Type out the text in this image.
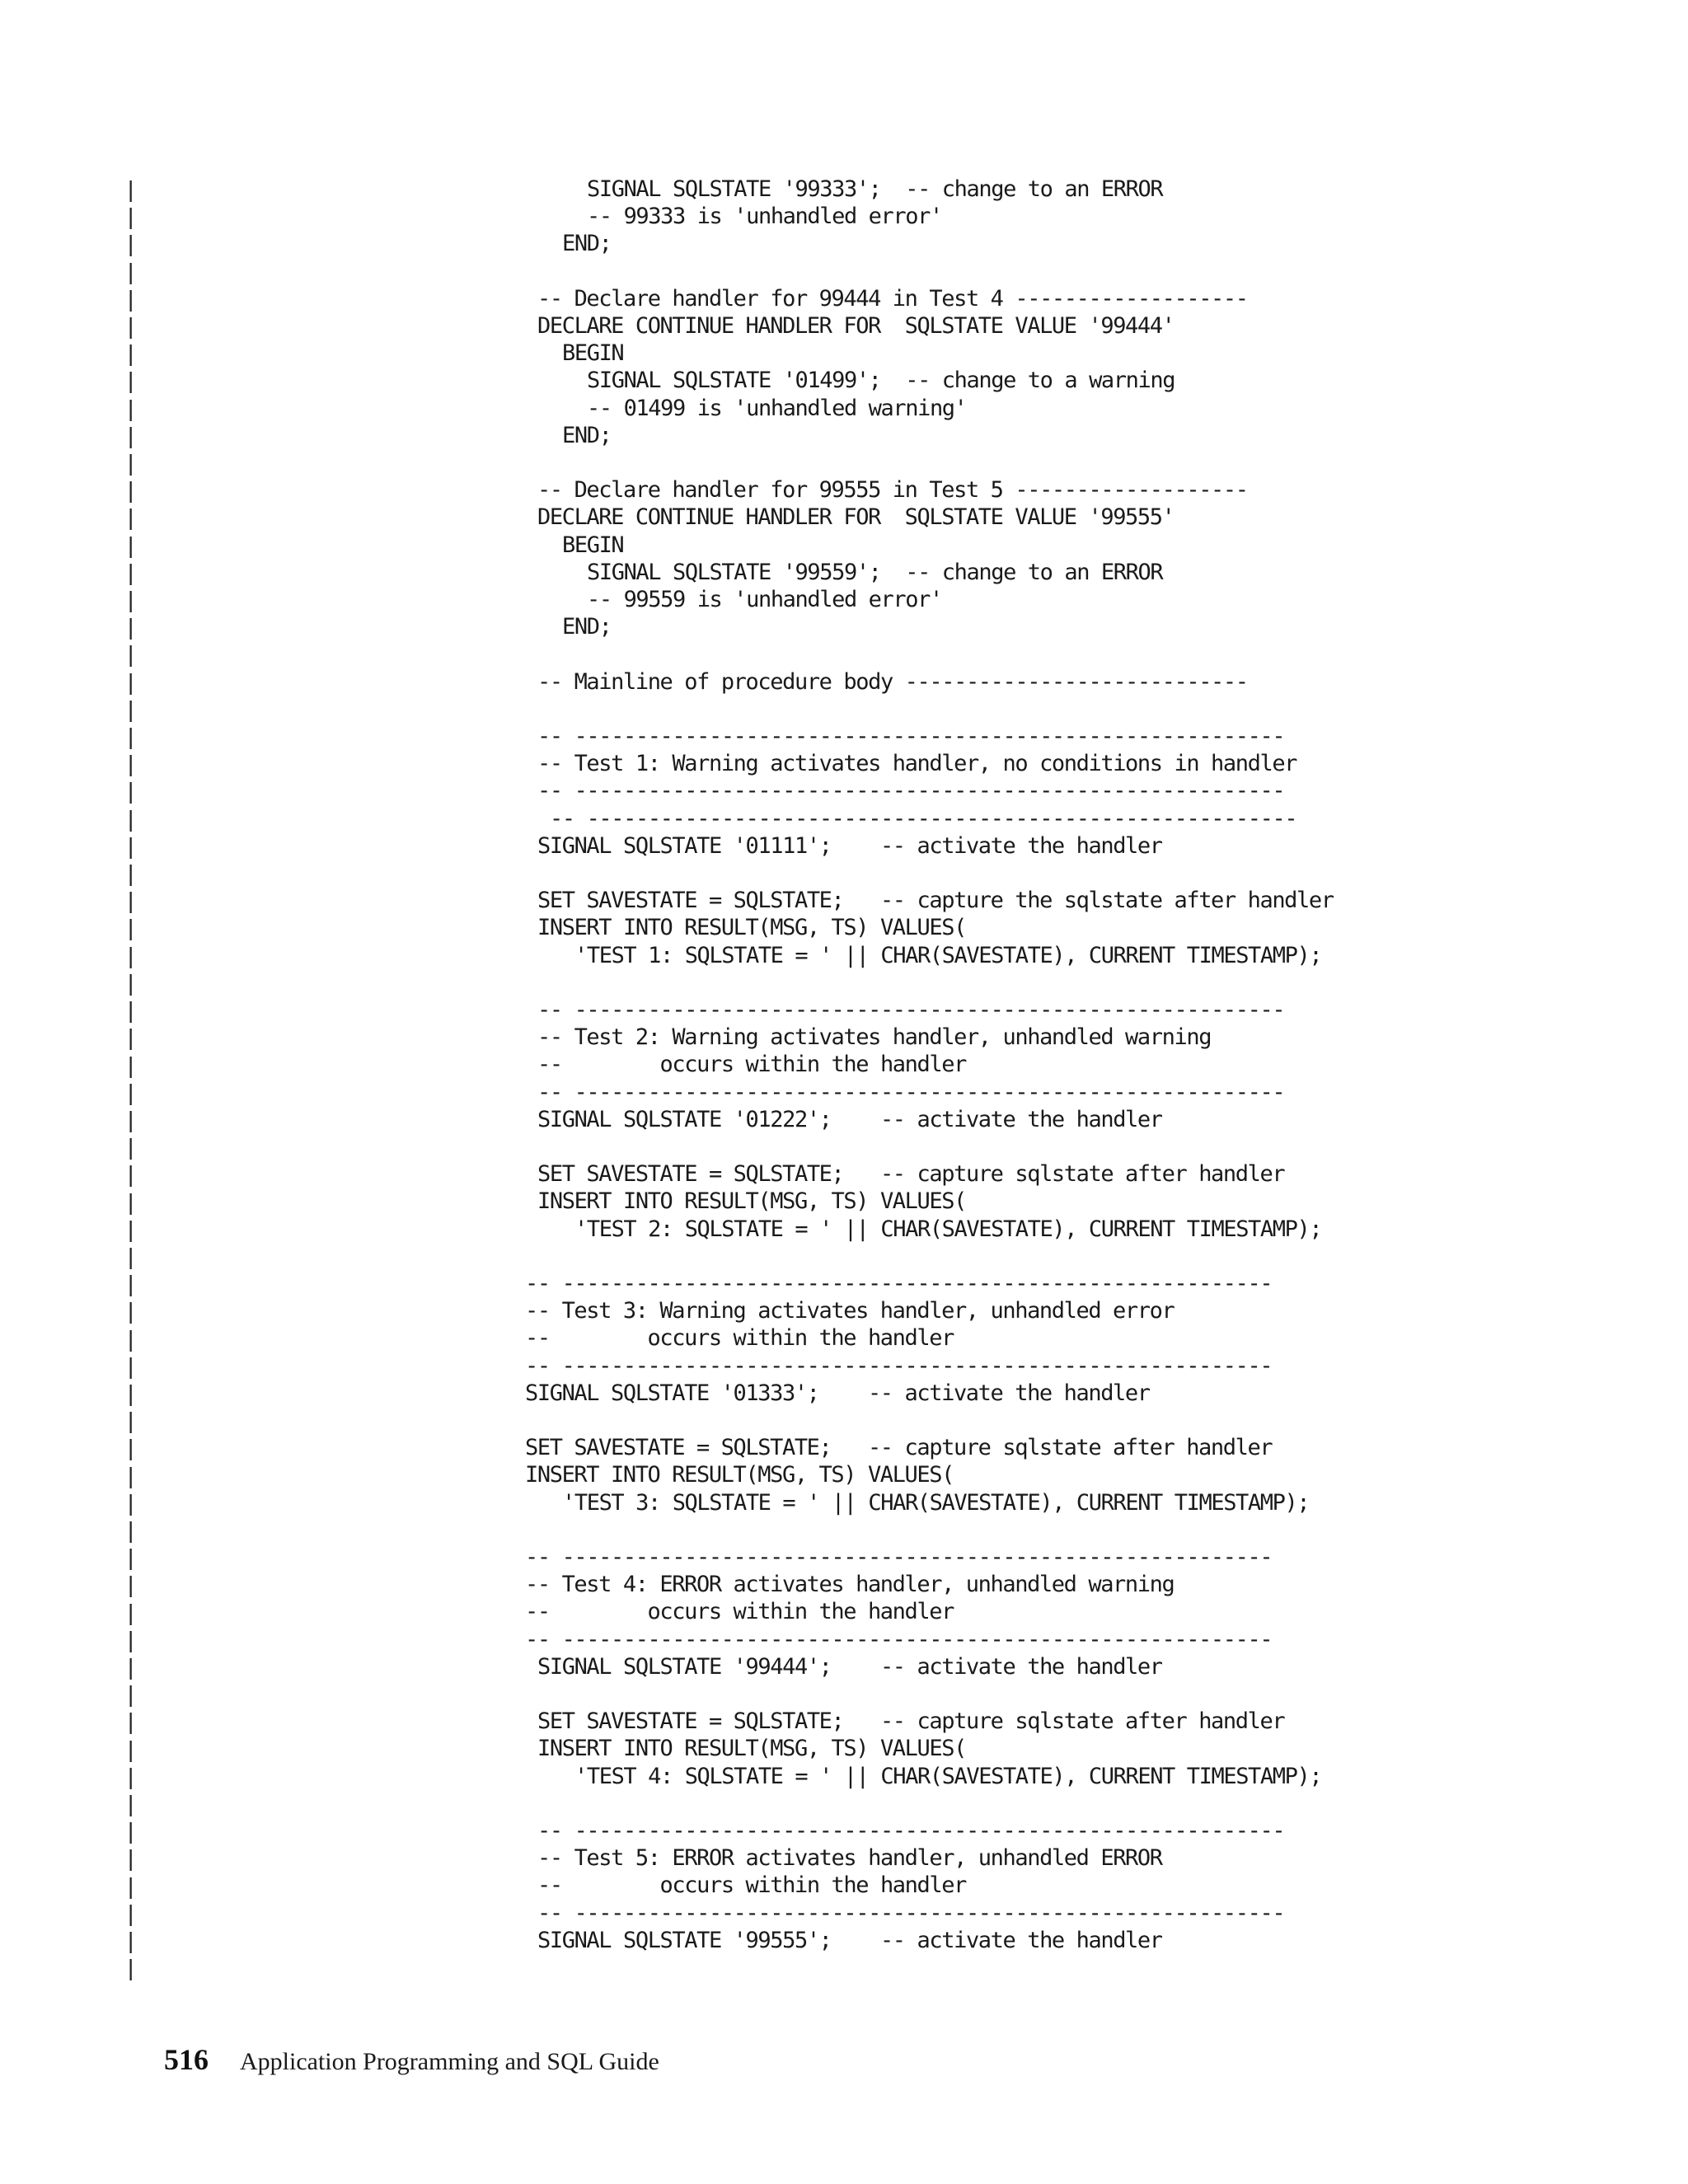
|
|
|
|
|
|
|
|
|
|
|
|
|
|
|
|
|
|
|
|
|
|
|
|
|
|
|
|
|
|
|
|
|
|
|
|
|
|
|
|
|
|
|
|
|
|
|
|
|
|
|
|
|
|
|
|
|
|
|
|
|
|
|
|
|
|
SIGNAL SQLSTATE '99333';  -- change to an ERROR
-- 99333 is 'unhandled error'
END;
-- Declare handler for 99444 in Test 4 -------------------
DECLARE CONTINUE HANDLER FOR  SQLSTATE VALUE '99444'
BEGIN
SIGNAL SQLSTATE '01499';  -- change to a warning
-- 01499 is 'unhandled warning'
END;
-- Declare handler for 99555 in Test 5 -------------------
DECLARE CONTINUE HANDLER FOR  SQLSTATE VALUE '99555'
BEGIN
SIGNAL SQLSTATE '99559';  -- change to an ERROR
-- 99559 is 'unhandled error'
END;
-- Mainline of procedure body ----------------------------
-- ----------------------------------------------------------
-- Test 1: Warning activates handler, no conditions in handler
-- ----------------------------------------------------------
-- ----------------------------------------------------------
SIGNAL SQLSTATE '01111';    -- activate the handler
SET SAVESTATE = SQLSTATE;   -- capture the sqlstate after handler
INSERT INTO RESULT(MSG, TS) VALUES(
'TEST 1: SQLSTATE = ' || CHAR(SAVESTATE), CURRENT TIMESTAMP);
-- ----------------------------------------------------------
-- Test 2: Warning activates handler, unhandled warning
--        occurs within the handler
-- ----------------------------------------------------------
SIGNAL SQLSTATE '01222';    -- activate the handler
SET SAVESTATE = SQLSTATE;   -- capture sqlstate after handler
INSERT INTO RESULT(MSG, TS) VALUES(
'TEST 2: SQLSTATE = ' || CHAR(SAVESTATE), CURRENT TIMESTAMP);
-- ----------------------------------------------------------
-- Test 3: Warning activates handler, unhandled error
--        occurs within the handler
-- ----------------------------------------------------------
SIGNAL SQLSTATE '01333';    -- activate the handler
SET SAVESTATE = SQLSTATE;   -- capture sqlstate after handler
INSERT INTO RESULT(MSG, TS) VALUES(
'TEST 3: SQLSTATE = ' || CHAR(SAVESTATE), CURRENT TIMESTAMP);
-- ----------------------------------------------------------
-- Test 4: ERROR activates handler, unhandled warning
--        occurs within the handler
-- ----------------------------------------------------------
SIGNAL SQLSTATE '99444';    -- activate the handler
SET SAVESTATE = SQLSTATE;   -- capture sqlstate after handler
INSERT INTO RESULT(MSG, TS) VALUES(
'TEST 4: SQLSTATE = ' || CHAR(SAVESTATE), CURRENT TIMESTAMP);
-- ----------------------------------------------------------
-- Test 5: ERROR activates handler, unhandled ERROR
--        occurs within the handler
-- ----------------------------------------------------------
SIGNAL SQLSTATE '99555';    -- activate the handler
516 Application Programming and SQL Guide
